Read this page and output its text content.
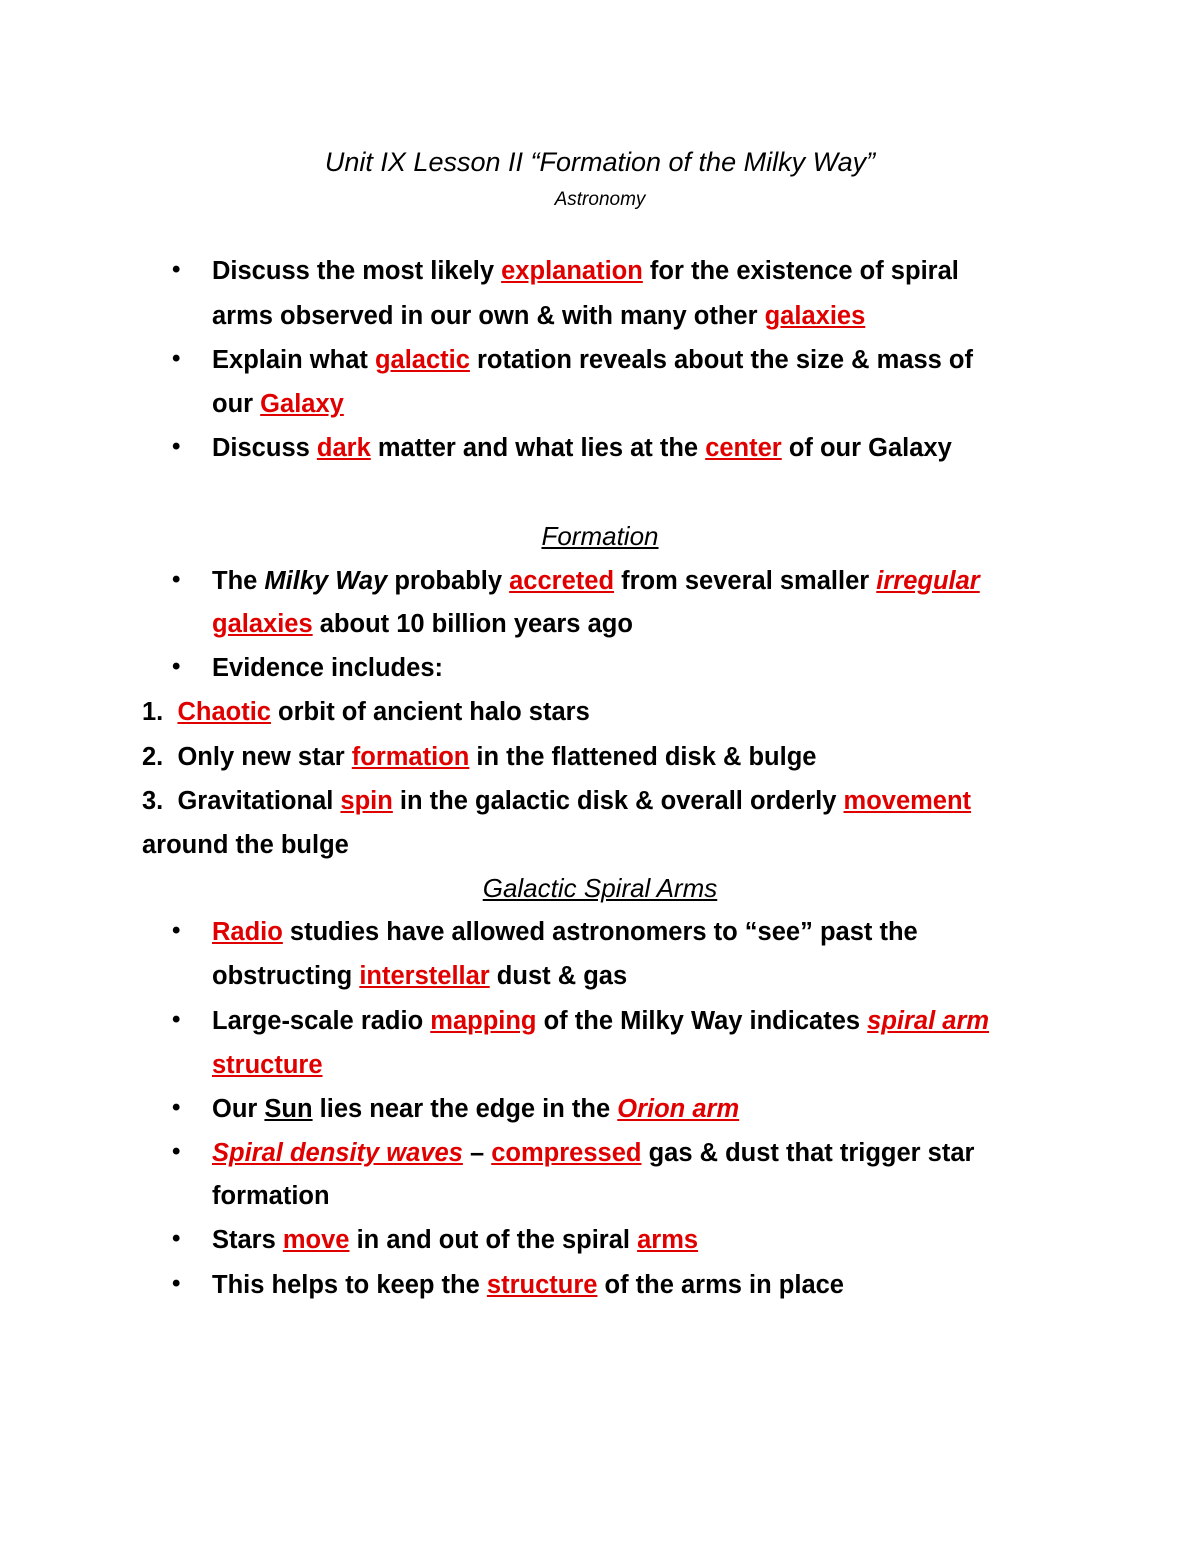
Unit IX Lesson II “Formation of the Milky Way”
Astronomy
• Discuss the most likely explanation for the existence of spiral
arms observed in our own & with many other galaxies
• Explain what galactic rotation reveals about the size & mass of
our Galaxy
• Discuss dark matter and what lies at the center of our Galaxy
Formation
• The Milky Way probably accreted from several smaller irregular
galaxies about 10 billion years ago
• Evidence includes:
1. Chaotic orbit of ancient halo stars
2. Only new star formation in the flattened disk & bulge
3. Gravitational spin in the galactic disk & overall orderly movement
around the bulge
Galactic Spiral Arms
• Radio studies have allowed astronomers to “see” past the
obstructing interstellar dust & gas
• Large-scale radio mapping of the Milky Way indicates spiral arm
structure
• Our Sun lies near the edge in the Orion arm
• Spiral density waves – compressed gas & dust that trigger star
formation
• Stars move in and out of the spiral arms
• This helps to keep the structure of the arms in place
